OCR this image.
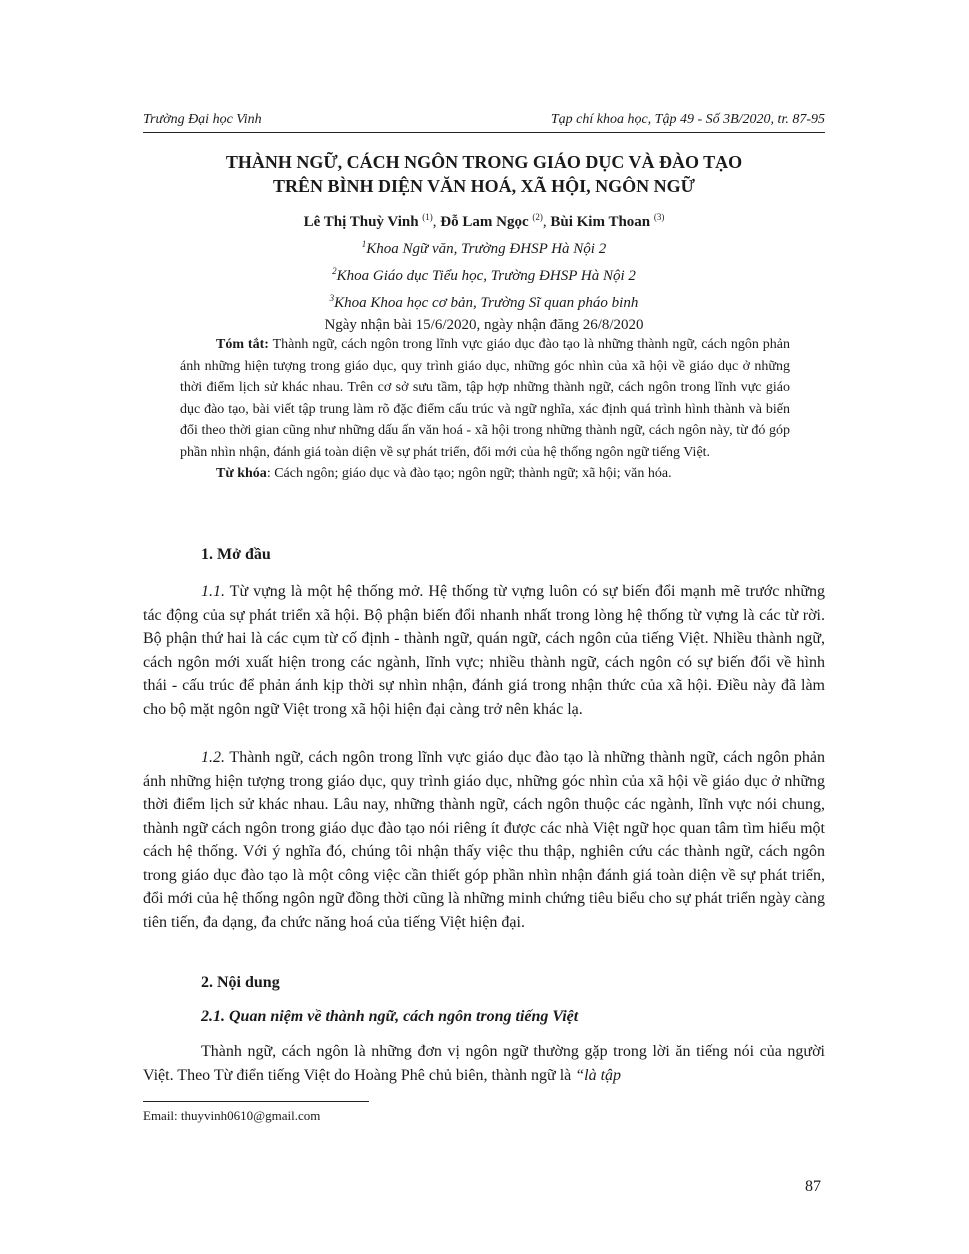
Trường Đại học Vinh	Tạp chí khoa học, Tập 49 - Số 3B/2020, tr. 87-95
THÀNH NGỮ, CÁCH NGÔN TRONG GIÁO DỤC VÀ ĐÀO TẠO
TRÊN BÌNH DIỆN VĂN HOÁ, XÃ HỘI, NGÔN NGỮ
Lê Thị Thuỳ Vinh $^{(1)}$, Đỗ Lam Ngọc $^{(2)}$, Bùi Kim Thoan $^{(3)}$
$^1$Khoa Ngữ văn, Trường ĐHSP Hà Nội 2
$^2$Khoa Giáo dục Tiểu học, Trường ĐHSP Hà Nội 2
$^3$Khoa Khoa học cơ bản, Trường Sĩ quan pháo binh
Ngày nhận bài 15/6/2020, ngày nhận đăng 26/8/2020

Tóm tắt: Thành ngữ, cách ngôn trong lĩnh vực giáo dục đào tạo là những thành ngữ, cách ngôn phản ánh những hiện tượng trong giáo dục, quy trình giáo dục, những góc nhìn của xã hội về giáo dục ở những thời điểm lịch sử khác nhau. Trên cơ sở sưu tầm, tập hợp những thành ngữ, cách ngôn trong lĩnh vực giáo dục đào tạo, bài viết tập trung làm rõ đặc điểm cấu trúc và ngữ nghĩa, xác định quá trình hình thành và biến đổi theo thời gian cũng như những dấu ấn văn hoá - xã hội trong những thành ngữ, cách ngôn này, từ đó góp phần nhìn nhận, đánh giá toàn diện về sự phát triển, đổi mới của hệ thống ngôn ngữ tiếng Việt.

Từ khóa: Cách ngôn; giáo dục và đào tạo; ngôn ngữ; thành ngữ; xã hội; văn hóa.

1. Mở đầu

1.1. Từ vựng là một hệ thống mở. Hệ thống từ vựng luôn có sự biến đổi mạnh mẽ trước những tác động của sự phát triển xã hội. Bộ phận biến đổi nhanh nhất trong lòng hệ thống từ vựng là các từ rời. Bộ phận thứ hai là các cụm từ cố định - thành ngữ, quán ngữ, cách ngôn của tiếng Việt. Nhiều thành ngữ, cách ngôn mới xuất hiện trong các ngành, lĩnh vực; nhiều thành ngữ, cách ngôn có sự biến đổi về hình thái - cấu trúc để phản ánh kịp thời sự nhìn nhận, đánh giá trong nhận thức của xã hội. Điều này đã làm cho bộ mặt ngôn ngữ Việt trong xã hội hiện đại càng trở nên khác lạ.

1.2. Thành ngữ, cách ngôn trong lĩnh vực giáo dục đào tạo là những thành ngữ, cách ngôn phản ánh những hiện tượng trong giáo dục, quy trình giáo dục, những góc nhìn của xã hội về giáo dục ở những thời điểm lịch sử khác nhau. Lâu nay, những thành ngữ, cách ngôn thuộc các ngành, lĩnh vực nói chung, thành ngữ cách ngôn trong giáo dục đào tạo nói riêng ít được các nhà Việt ngữ học quan tâm tìm hiểu một cách hệ thống. Với ý nghĩa đó, chúng tôi nhận thấy việc thu thập, nghiên cứu các thành ngữ, cách ngôn trong giáo dục đào tạo là một công việc cần thiết góp phần nhìn nhận đánh giá toàn diện về sự phát triển, đổi mới của hệ thống ngôn ngữ đồng thời cũng là những minh chứng tiêu biểu cho sự phát triển ngày càng tiên tiến, đa dạng, đa chức năng hoá của tiếng Việt hiện đại.

2. Nội dung
2.1. Quan niệm về thành ngữ, cách ngôn trong tiếng Việt

Thành ngữ, cách ngôn là những đơn vị ngôn ngữ thường gặp trong lời ăn tiếng nói của người Việt. Theo Từ điển tiếng Việt do Hoàng Phê chủ biên, thành ngữ là “là tập

Email: thuyvinh0610@gmail.com
87
